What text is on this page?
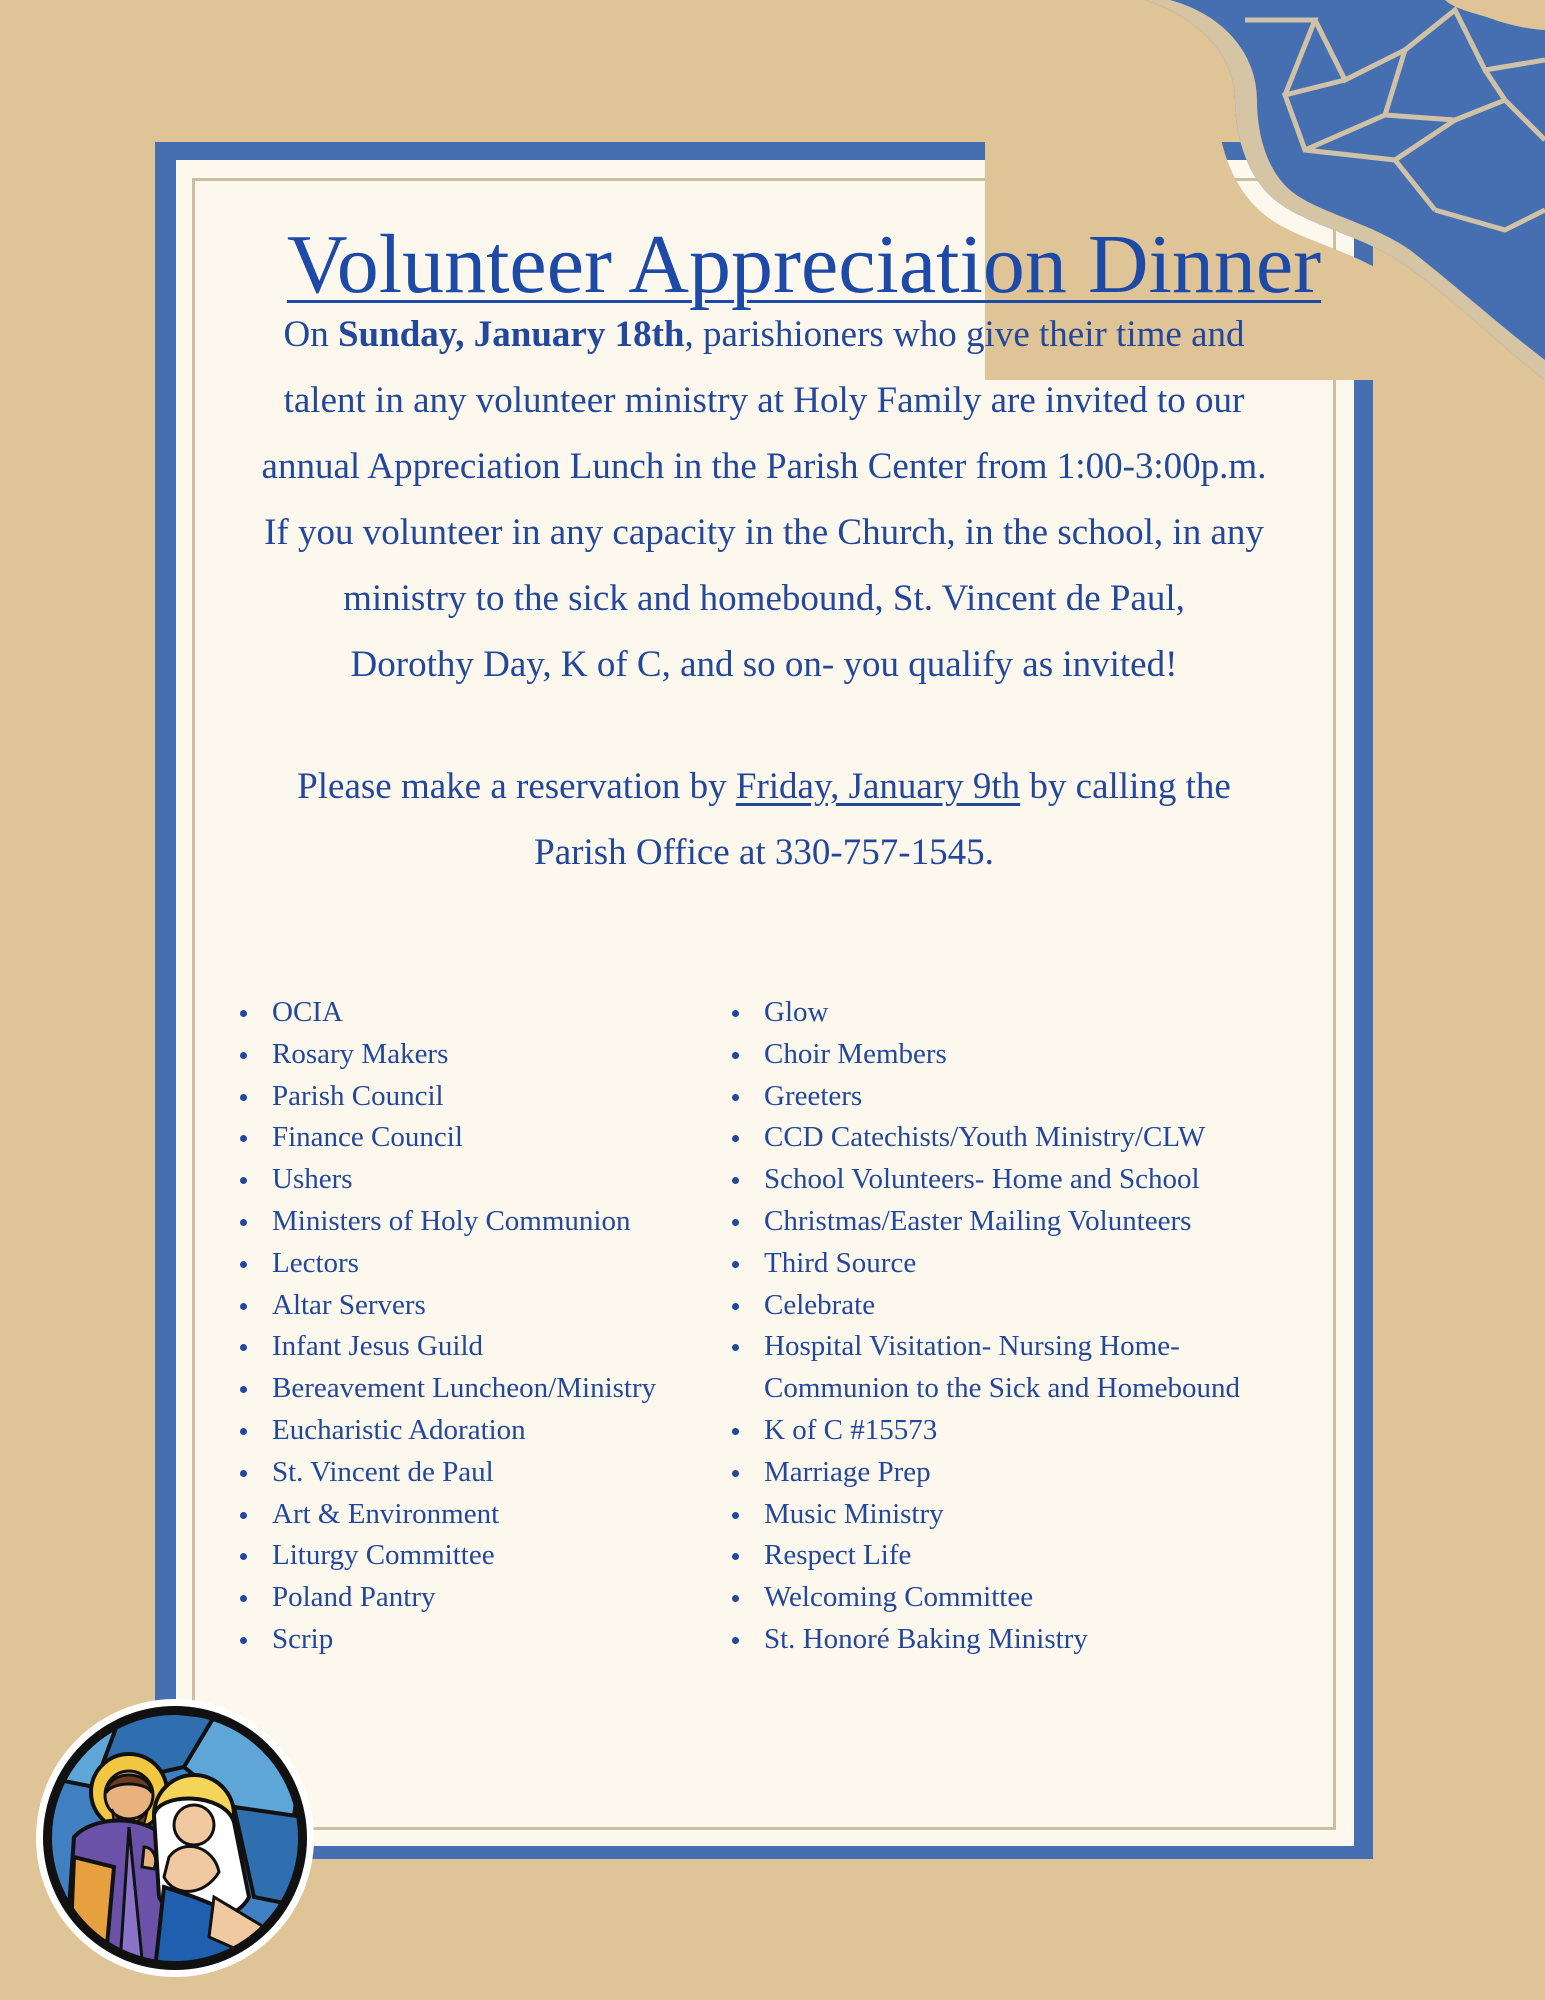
Volunteer Appreciation Dinner
On Sunday, January 18th, parishioners who give their time and
talent in any volunteer ministry at Holy Family are invited to our
annual Appreciation Lunch in the Parish Center from 1:00-3:00p.m.
If you volunteer in any capacity in the Church, in the school, in any
ministry to the sick and homebound, St. Vincent de Paul,
Dorothy Day, K of C, and so on- you qualify as invited!
Please make a reservation by Friday, January 9th by calling the
Parish Office at 330-757-1545.
OCIA
Rosary Makers
Parish Council
Finance Council
Ushers
Ministers of Holy Communion
Lectors
Altar Servers
Infant Jesus Guild
Bereavement Luncheon/Ministry
Eucharistic Adoration
St. Vincent de Paul
Art & Environment
Liturgy Committee
Poland Pantry
Scrip
Glow
Choir Members
Greeters
CCD Catechists/Youth Ministry/CLW
School Volunteers- Home and School
Christmas/Easter Mailing Volunteers
Third Source
Celebrate
Hospital Visitation- Nursing Home-
Communion to the Sick and Homebound
K of C #15573
Marriage Prep
Music Ministry
Respect Life
Welcoming Committee
St. Honoré Baking Ministry
